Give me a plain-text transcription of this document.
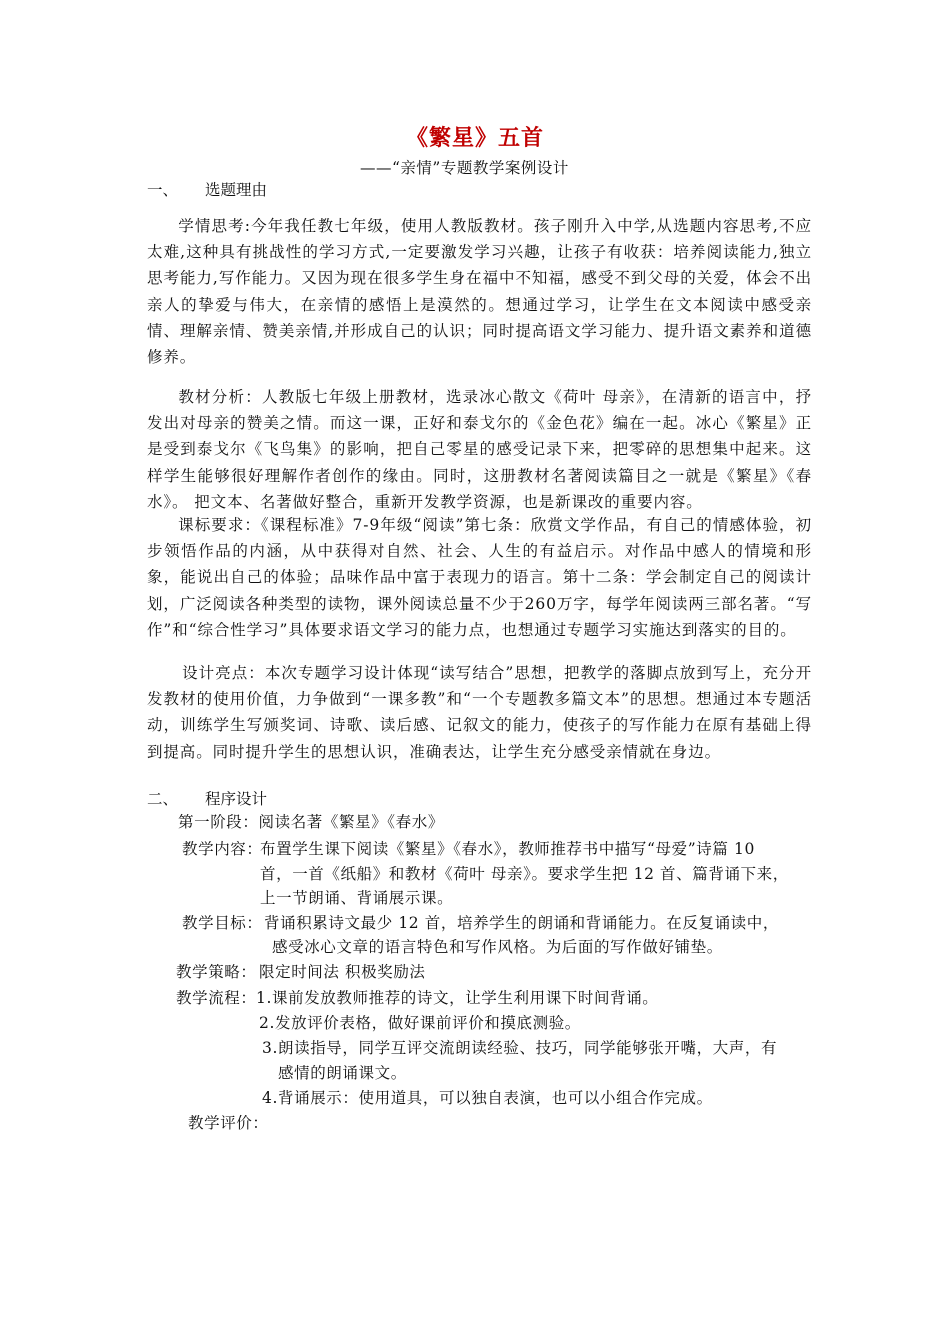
《繁星》五首
——“亲情”专题教学案例设计
一、 选题理由
学情思考:今年我任教七年级，使用人教版教材。孩子刚升入中学,从选题内容思考,不应太难,这种具有挑战性的学习方式,一定要激发学习兴趣，让孩子有收获：培养阅读能力,独立思考能力,写作能力。又因为现在很多学生身在福中不知福，感受不到父母的关爱，体会不出亲人的挚爱与伟大，在亲情的感悟上是漠然的。想通过学习，让学生在文本阅读中感受亲情、理解亲情、赞美亲情,并形成自己的认识；同时提高语文学习能力、提升语文素养和道德修养。
教材分析：人教版七年级上册教材，选录冰心散文《荷叶 母亲》，在清新的语言中，抒发出对母亲的赞美之情。而这一课，正好和泰戈尔的《金色花》编在一起。冰心《繁星》正是受到泰戈尔《飞鸟集》的影响，把自己零星的感受记录下来，把零碎的思想集中起来。这样学生能够很好理解作者创作的缘由。同时，这册教材名著阅读篇目之一就是《繁星》《春水》。 把文本、名著做好整合，重新开发教学资源，也是新课改的重要内容。
课标要求：《课程标准》7-9年级“阅读”第七条：欣赏文学作品，有自己的情感体验，初步领悟作品的内涵，从中获得对自然、社会、人生的有益启示。对作品中感人的情境和形象，能说出自己的体验；品味作品中富于表现力的语言。第十二条：学会制定自己的阅读计划，广泛阅读各种类型的读物，课外阅读总量不少于260万字，每学年阅读两三部名著。“写作”和“综合性学习”具体要求语文学习的能力点，也想通过专题学习实施达到落实的目的。
设计亮点：本次专题学习设计体现“读写结合”思想，把教学的落脚点放到写上，充分开发教材的使用价值，力争做到“一课多教”和“一个专题教多篇文本”的思想。想通过本专题活动，训练学生写颁奖词、诗歌、读后感、记叙文的能力，使孩子的写作能力在原有基础上得到提高。同时提升学生的思想认识，准确表达，让学生充分感受亲情就在身边。
二、 程序设计
第一阶段：阅读名著《繁星》《春水》
教学内容：
布置学生课下阅读《繁星》《春水》，教师推荐书中描写“母爱”诗篇 10
首，一首《纸船》和教材《荷叶 母亲》。要求学生把 12 首、篇背诵下来，
上一节朗诵、背诵展示课。
教学目标： 背诵积累诗文最少 12 首，培养学生的朗诵和背诵能力。在反复诵读中，
感受冰心文章的语言特色和写作风格。为后面的写作做好铺垫。
教学策略： 限定时间法 积极奖励法
教学流程： 1.课前发放教师推荐的诗文，让学生利用课下时间背诵。
2.发放评价表格，做好课前评价和摸底测验。
3.朗读指导，同学互评交流朗读经验、技巧，同学能够张开嘴，大声，有
感情的朗诵课文。
4.背诵展示：使用道具，可以独自表演，也可以小组合作完成。
教学评价：
